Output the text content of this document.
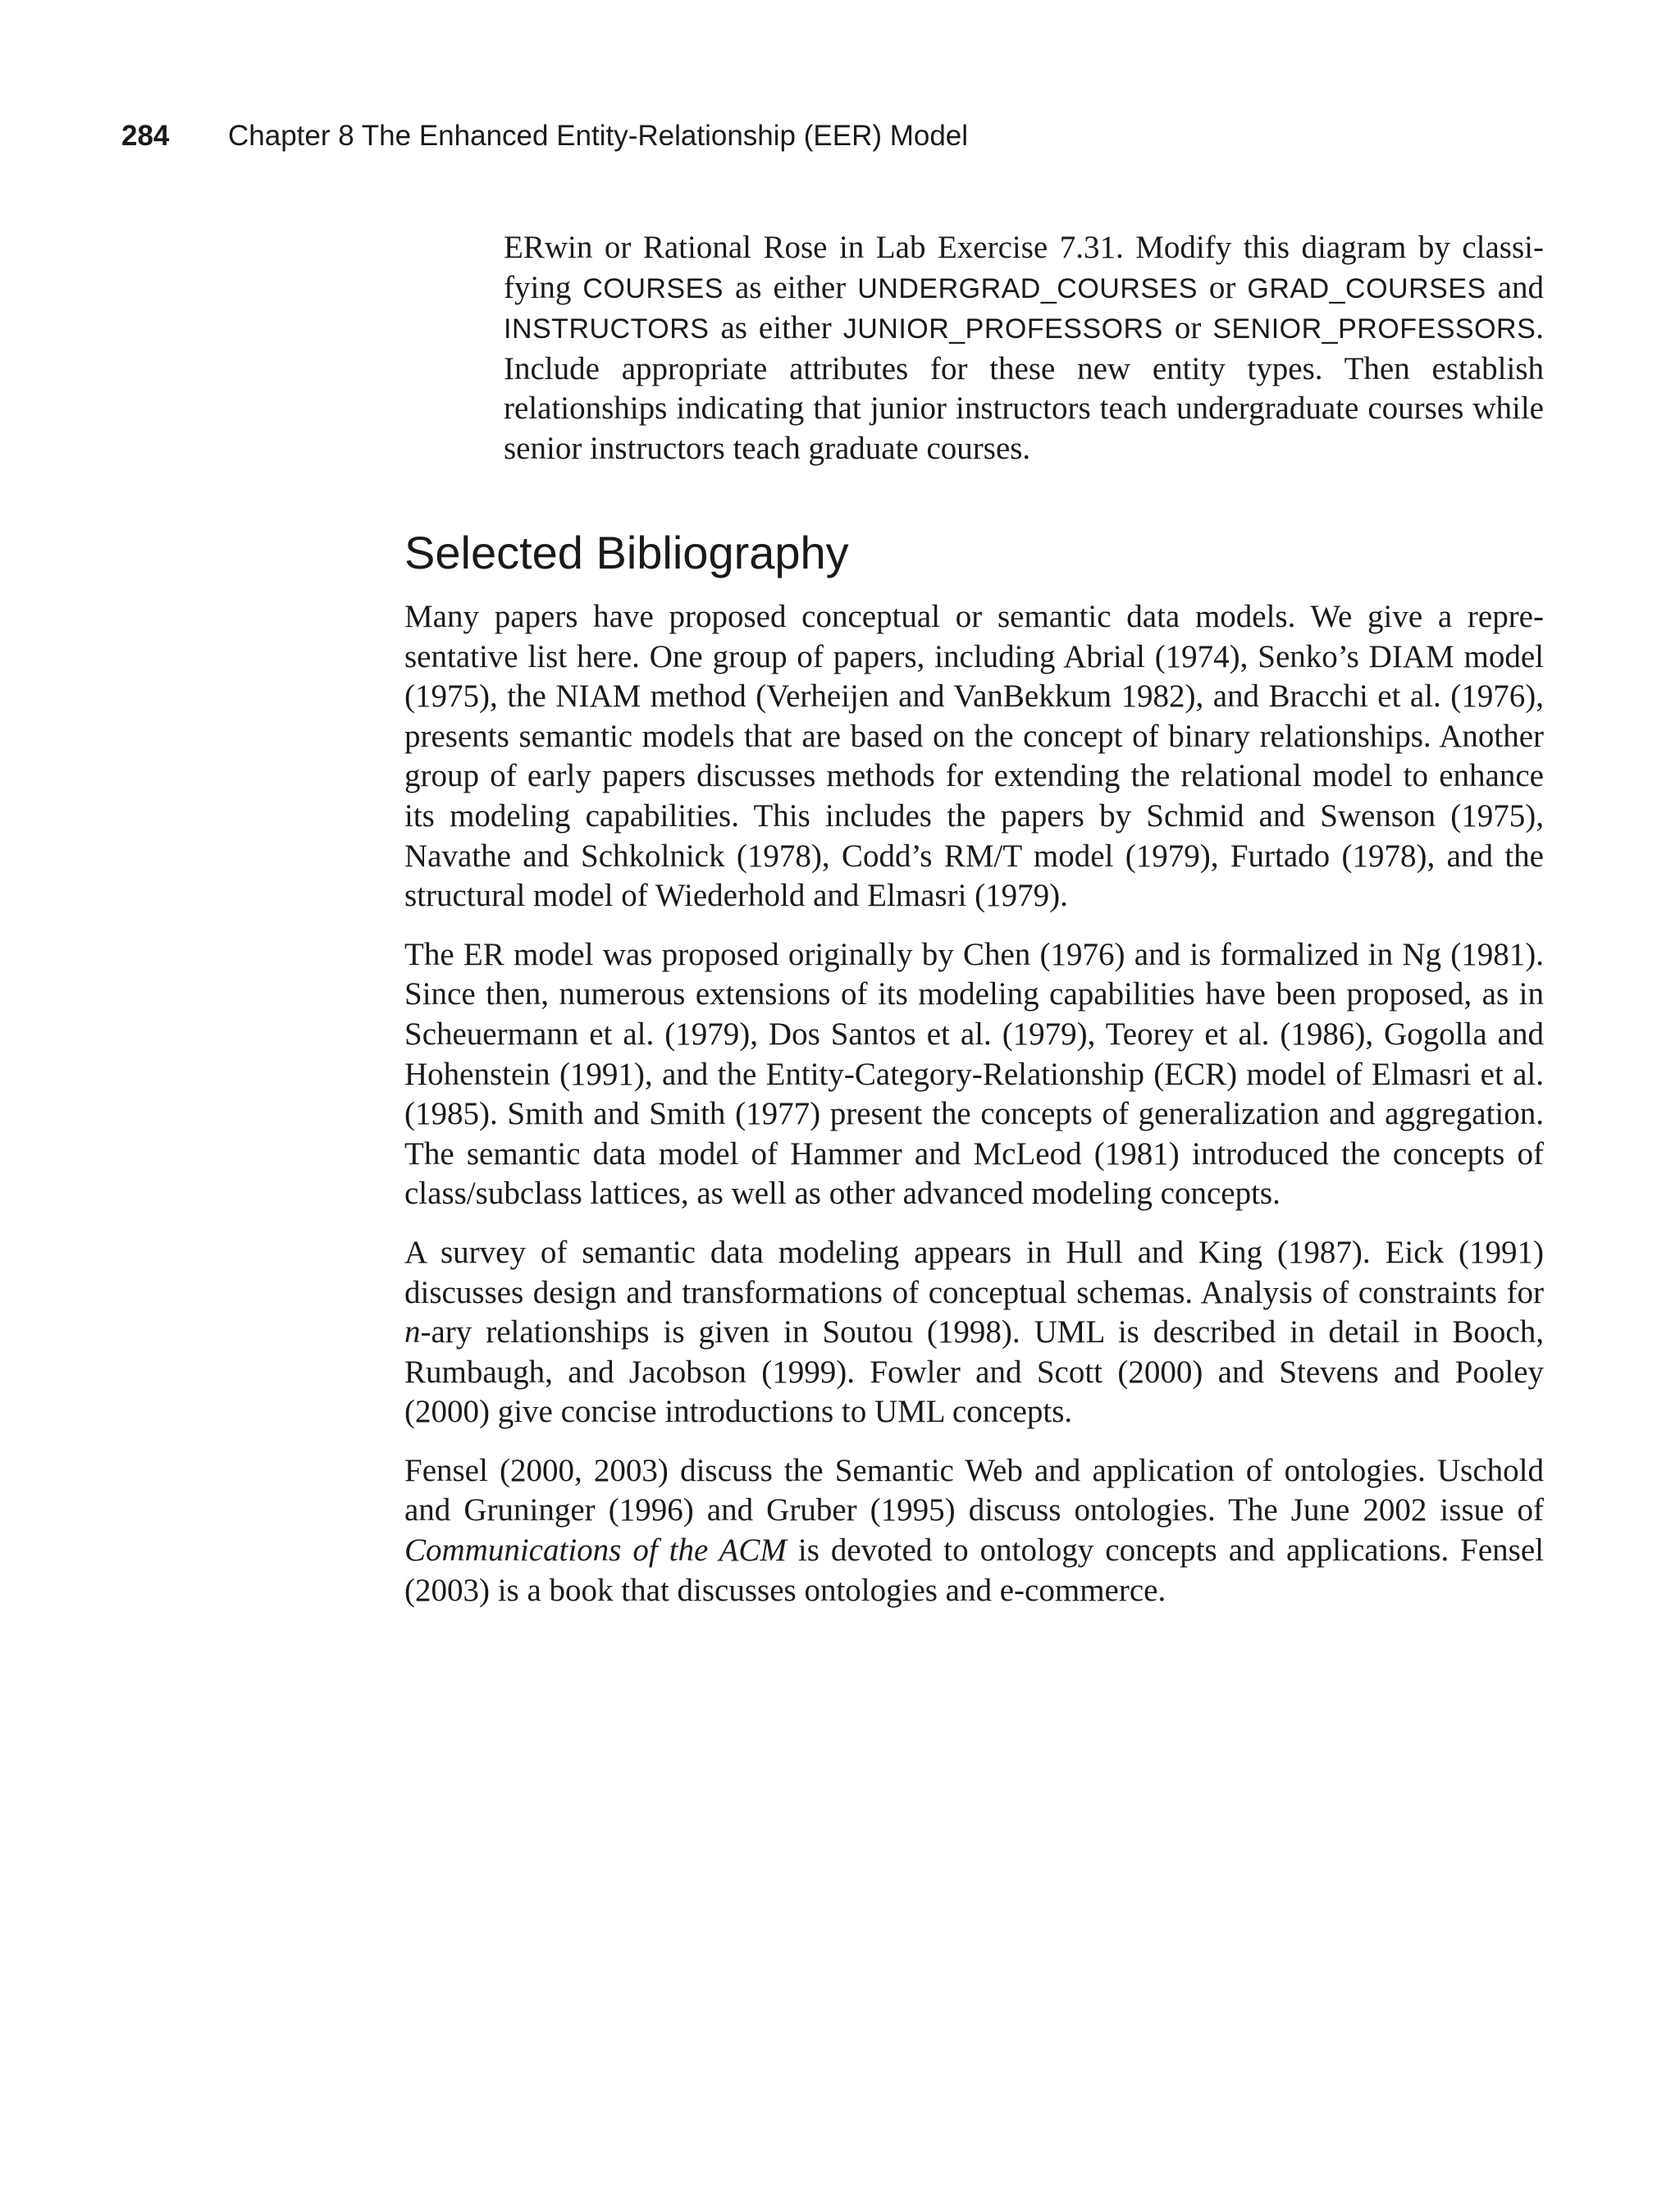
284 Chapter 8 The Enhanced Entity-Relationship (EER) Model
ERwin or Rational Rose in Lab Exercise 7.31. Modify this diagram by classifying COURSES as either UNDERGRAD_COURSES or GRAD_COURSES and INSTRUCTORS as either JUNIOR_PROFESSORS or SENIOR_PROFESSORS. Include appropriate attributes for these new entity types. Then establish relationships indicating that junior instructors teach undergraduate courses while senior instructors teach graduate courses.
Selected Bibliography

Many papers have proposed conceptual or semantic data models. We give a representative list here. One group of papers, including Abrial (1974), Senko’s DIAM model (1975), the NIAM method (Verheijen and VanBekkum 1982), and Bracchi et al. (1976), presents semantic models that are based on the concept of binary relationships. Another group of early papers discusses methods for extending the relational model to enhance its modeling capabilities. This includes the papers by Schmid and Swenson (1975), Navathe and Schkolnick (1978), Codd’s RM/T model (1979), Furtado (1978), and the structural model of Wiederhold and Elmasri (1979).

The ER model was proposed originally by Chen (1976) and is formalized in Ng (1981). Since then, numerous extensions of its modeling capabilities have been proposed, as in Scheuermann et al. (1979), Dos Santos et al. (1979), Teorey et al. (1986), Gogolla and Hohenstein (1991), and the Entity-Category-Relationship (ECR) model of Elmasri et al. (1985). Smith and Smith (1977) present the concepts of generalization and aggregation. The semantic data model of Hammer and McLeod (1981) introduced the concepts of class/subclass lattices, as well as other advanced modeling concepts.

A survey of semantic data modeling appears in Hull and King (1987). Eick (1991) discusses design and transformations of conceptual schemas. Analysis of constraints for n-ary relationships is given in Soutou (1998). UML is described in detail in Booch, Rumbaugh, and Jacobson (1999). Fowler and Scott (2000) and Stevens and Pooley (2000) give concise introductions to UML concepts.

Fensel (2000, 2003) discuss the Semantic Web and application of ontologies. Uschold and Gruninger (1996) and Gruber (1995) discuss ontologies. The June 2002 issue of Communications of the ACM is devoted to ontology concepts and applications. Fensel (2003) is a book that discusses ontologies and e-commerce.
